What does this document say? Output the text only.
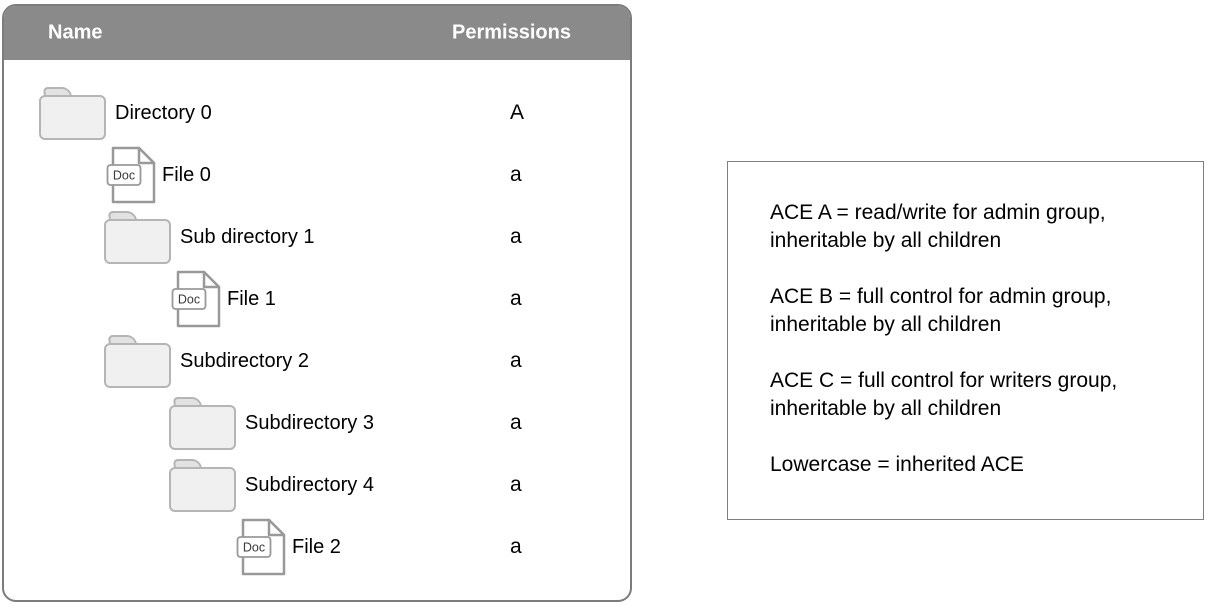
Name	Permissions
Directory 0	A
Doc File 0	a
Sub directory 1	a
Doc File 1	a
Subdirectory 2	a
Subdirectory 3	a
Subdirectory 4	a
Doc File 2	a
ACE A = read/write for admin group,
inheritable by all children
ACE B = full control for admin group,
inheritable by all children
ACE C = full control for writers group,
inheritable by all children
Lowercase = inherited ACE
